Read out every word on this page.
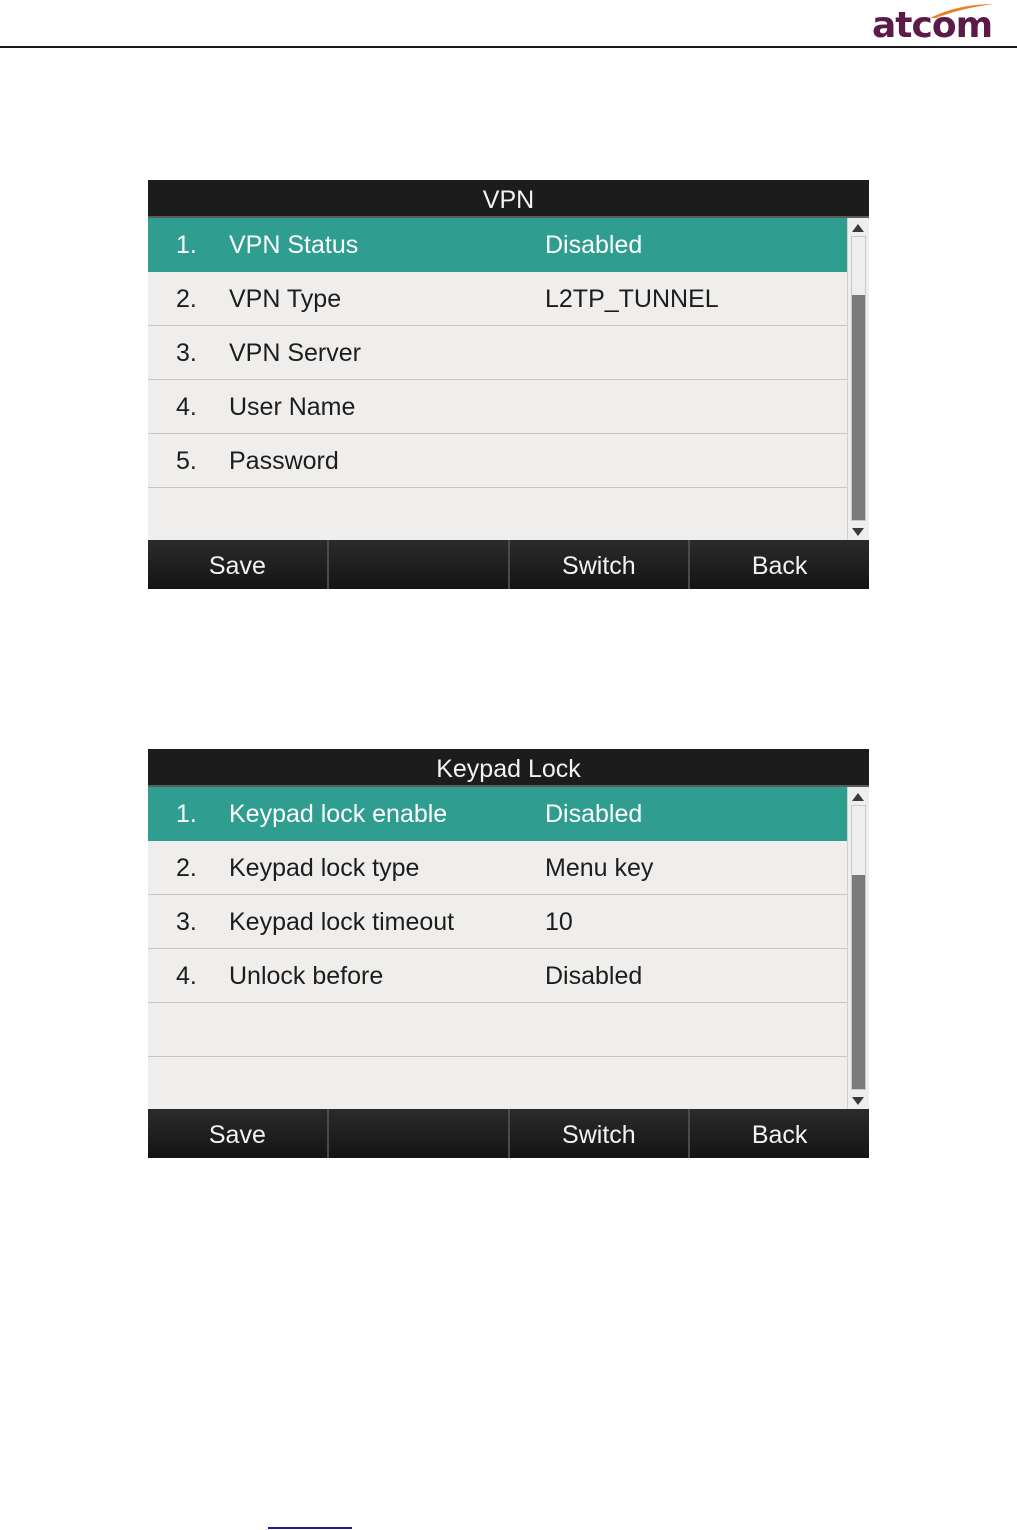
atcom
VPN
1. VPN Status	Disabled
2. VPN Type	L2TP_TUNNEL
3. VPN Server
4. User Name
5. Password
Save	Switch	Back
Keypad Lock
1. Keypad lock enable	Disabled
2. Keypad lock type	Menu key
3. Keypad lock timeout	10
4. Unlock before	Disabled
Save	Switch	Back
